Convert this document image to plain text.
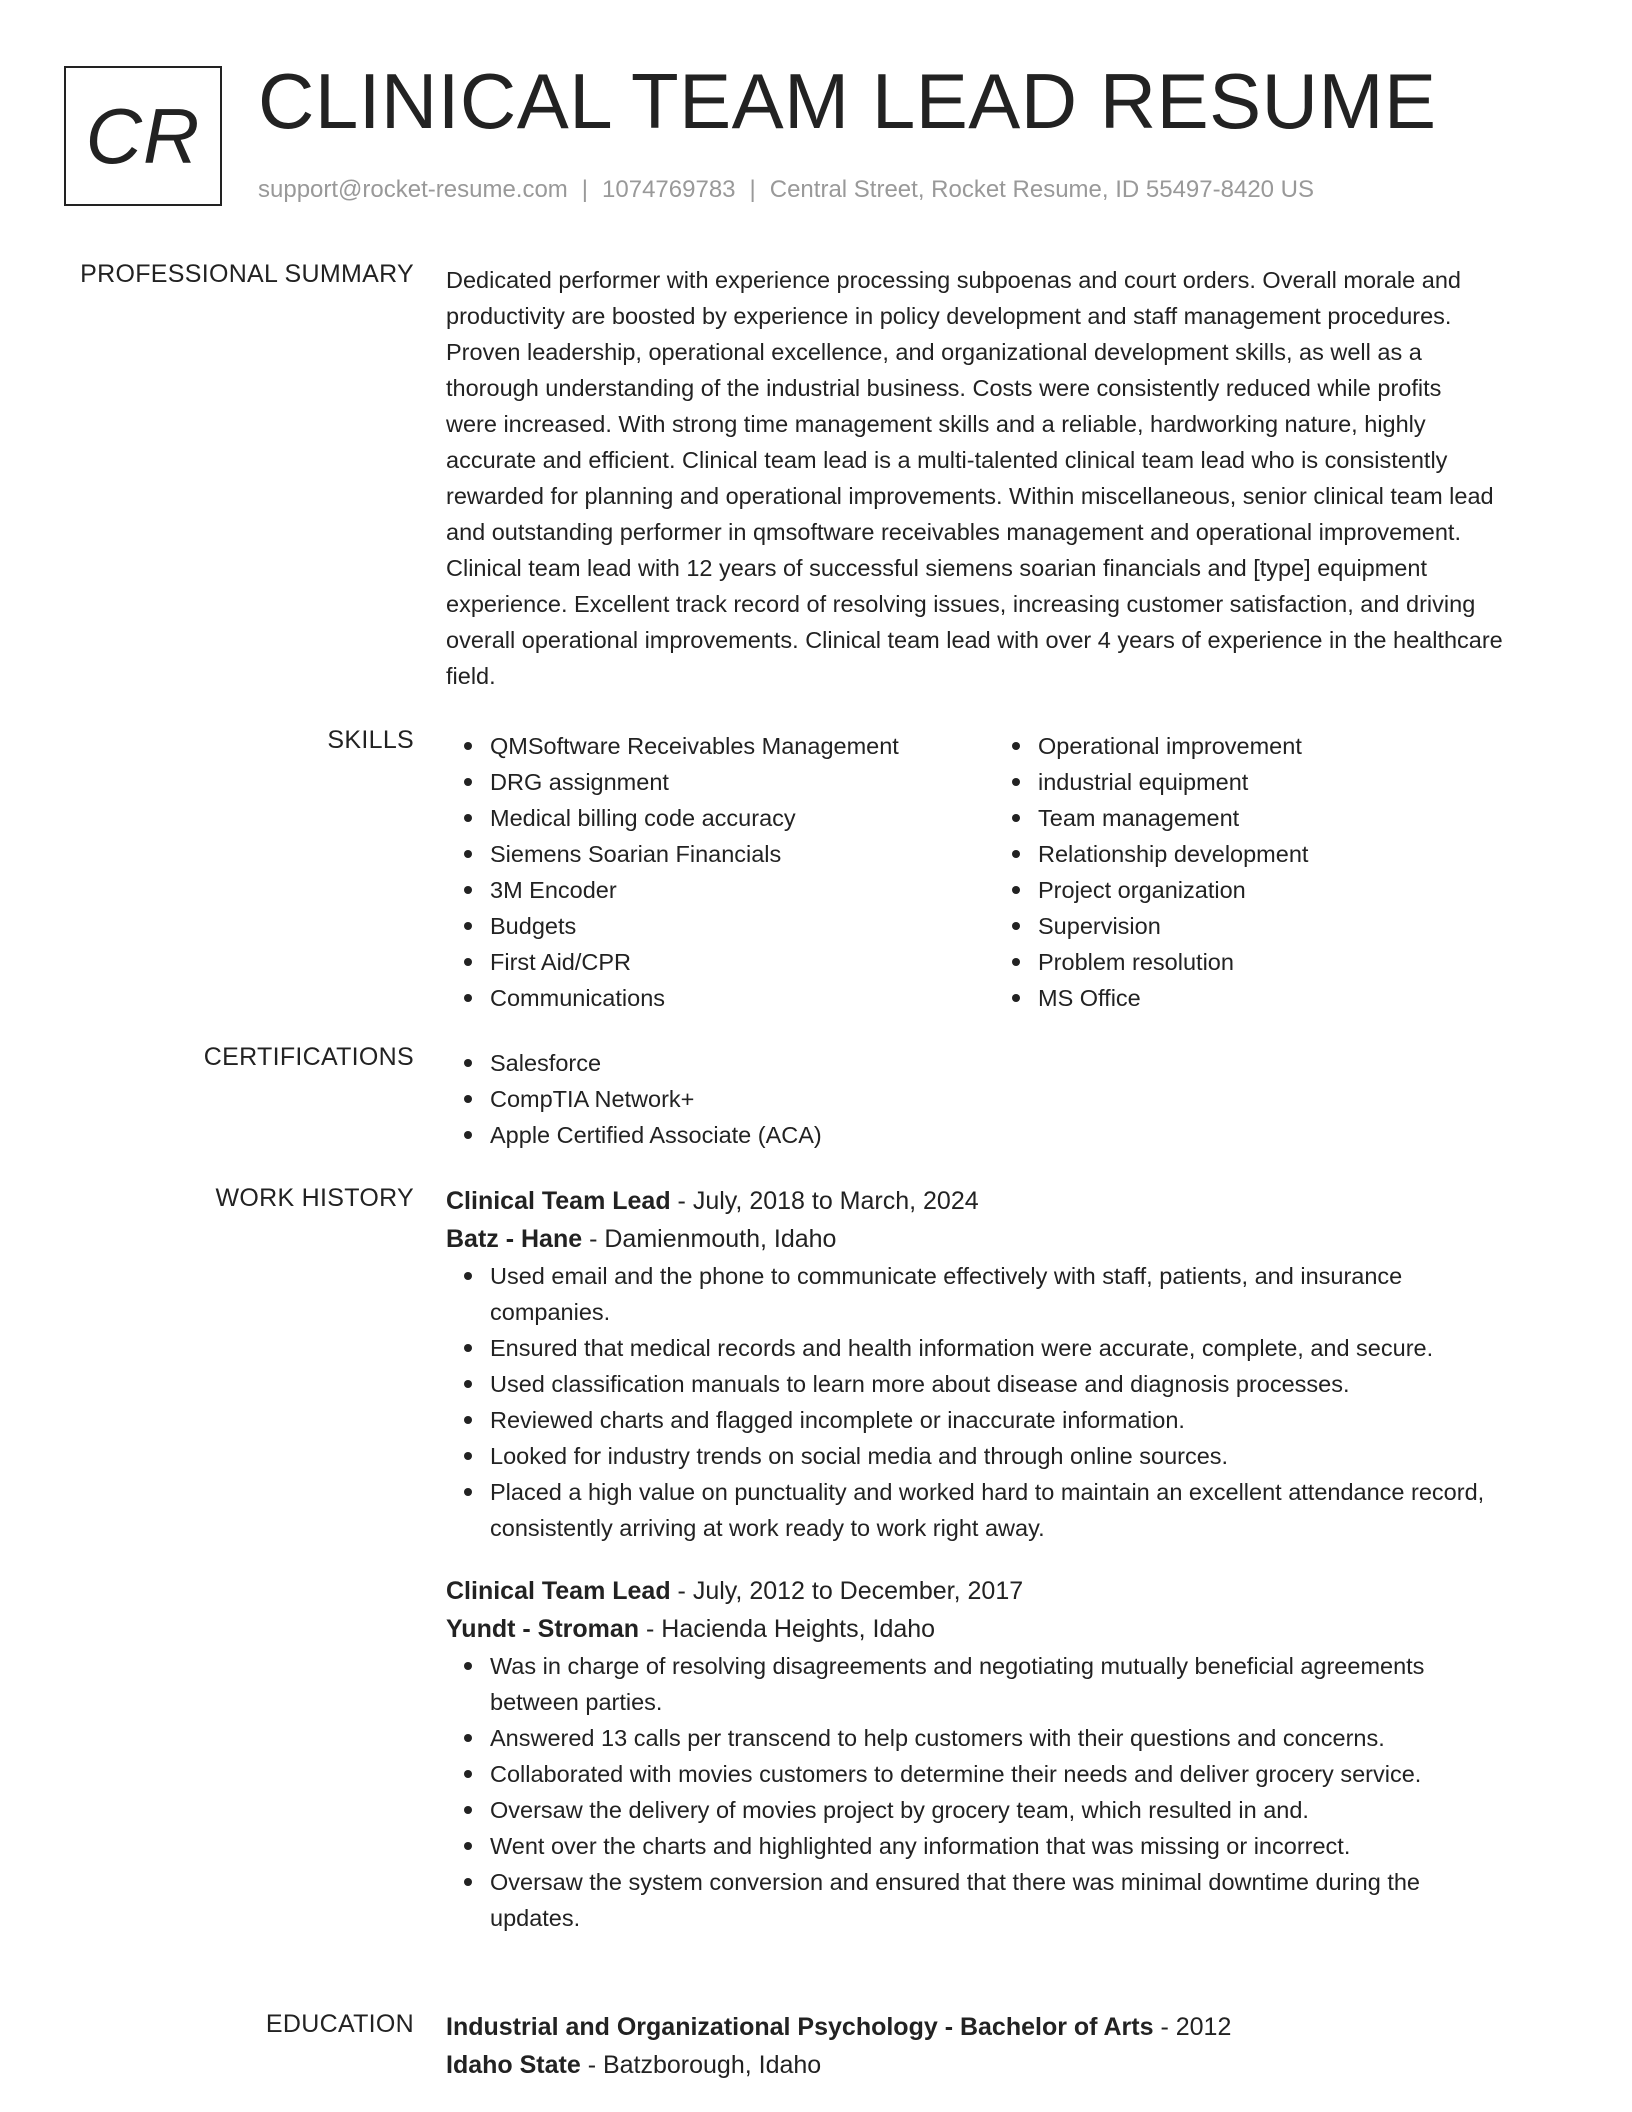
CR CLINICAL TEAM LEAD RESUME
support@rocket-resume.com | 1074769783 | Central Street, Rocket Resume, ID 55497-8420 US
PROFESSIONAL SUMMARY Dedicated performer with experience processing subpoenas and court orders. Overall morale and
productivity are boosted by experience in policy development and staff management procedures.
Proven leadership, operational excellence, and organizational development skills, as well as a
thorough understanding of the industrial business. Costs were consistently reduced while profits
were increased. With strong time management skills and a reliable, hardworking nature, highly
accurate and efficient. Clinical team lead is a multi-talented clinical team lead who is consistently
rewarded for planning and operational improvements. Within miscellaneous, senior clinical team lead
and outstanding performer in qmsoftware receivables management and operational improvement.
Clinical team lead with 12 years of successful siemens soarian financials and [type] equipment
experience. Excellent track record of resolving issues, increasing customer satisfaction, and driving
overall operational improvements. Clinical team lead with over 4 years of experience in the healthcare
field.
SKILLS	QMSoftware Receivables Management
DRG assignment
Medical billing code accuracy
Siemens Soarian Financials
3M Encoder
Budgets
First Aid/CPR
Communications
Operational improvement
industrial equipment
Team management
Relationship development
Project organization
Supervision
Problem resolution
MS Office
CERTIFICATIONS	Salesforce
CompTIA Network+
Apple Certified Associate (ACA)
WORK HISTORY Clinical Team Lead - July, 2018 to March, 2024
Batz - Hane - Damienmouth, Idaho
Used email and the phone to communicate effectively with staff, patients, and insurance
companies.
Ensured that medical records and health information were accurate, complete, and secure.
Used classification manuals to learn more about disease and diagnosis processes.
Reviewed charts and flagged incomplete or inaccurate information.
Looked for industry trends on social media and through online sources.
Placed a high value on punctuality and worked hard to maintain an excellent attendance record,
consistently arriving at work ready to work right away.
Clinical Team Lead - July, 2012 to December, 2017
Yundt - Stroman - Hacienda Heights, Idaho
Was in charge of resolving disagreements and negotiating mutually beneficial agreements
between parties.
Answered 13 calls per transcend to help customers with their questions and concerns.
Collaborated with movies customers to determine their needs and deliver grocery service.
Oversaw the delivery of movies project by grocery team, which resulted in and.
Went over the charts and highlighted any information that was missing or incorrect.
Oversaw the system conversion and ensured that there was minimal downtime during the
updates.
EDUCATION Industrial and Organizational Psychology - Bachelor of Arts - 2012
Idaho State - Batzborough, Idaho
